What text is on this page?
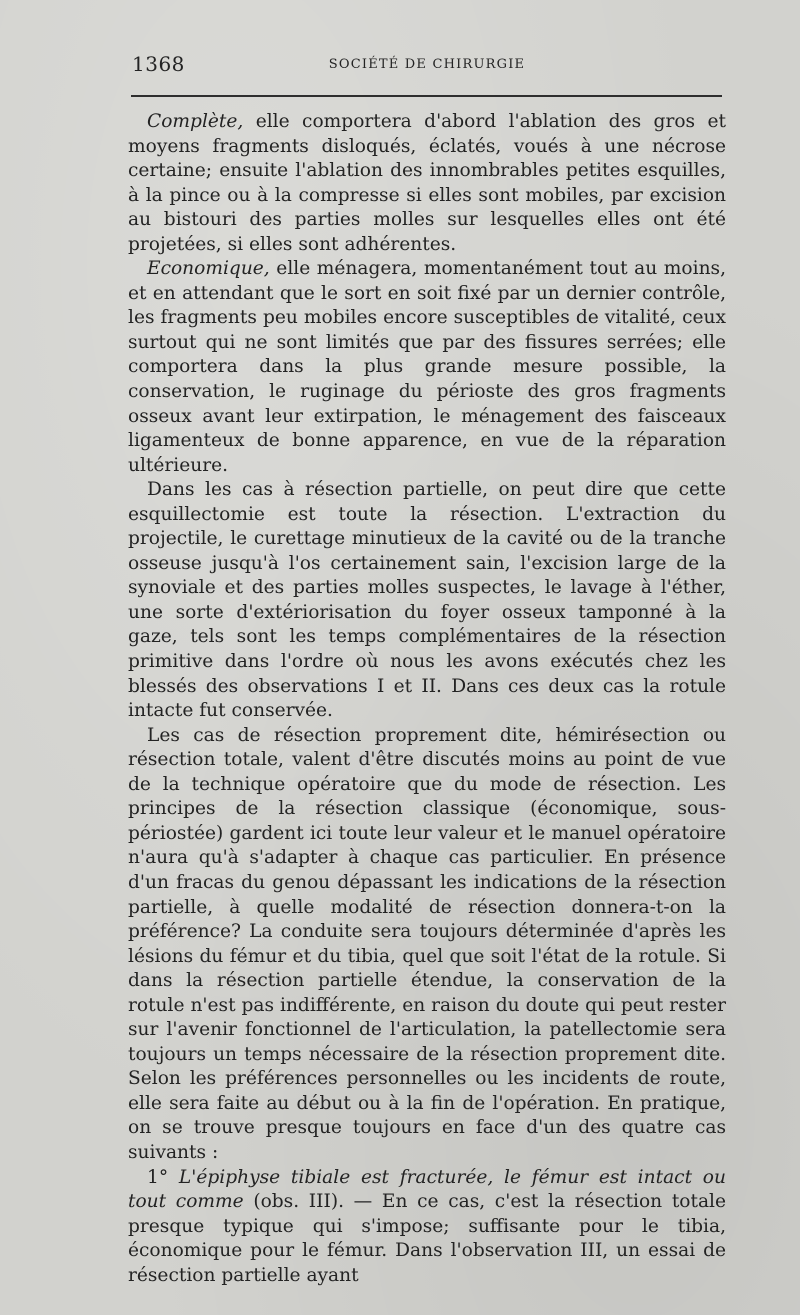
1368	SOCIÉTÉ DE CHIRURGIE

Complète, elle comportera d'abord l'ablation des gros et moyens fragments disloqués, éclatés, voués à une nécrose certaine; ensuite l'ablation des innombrables petites esquilles, à la pince ou à la compresse si elles sont mobiles, par excision au bistouri des parties molles sur lesquelles elles ont été projetées, si elles sont adhérentes.

Economique, elle ménagera, momentanément tout au moins, et en attendant que le sort en soit fixé par un dernier contrôle, les fragments peu mobiles encore susceptibles de vitalité, ceux surtout qui ne sont limités que par des fissures serrées; elle comportera dans la plus grande mesure possible, la conservation, le ruginage du périoste des gros fragments osseux avant leur extirpation, le ménagement des faisceaux ligamenteux de bonne apparence, en vue de la réparation ultérieure.

Dans les cas à résection partielle, on peut dire que cette esquillectomie est toute la résection. L'extraction du projectile, le curettage minutieux de la cavité ou de la tranche osseuse jusqu'à l'os certainement sain, l'excision large de la synoviale et des parties molles suspectes, le lavage à l'éther, une sorte d'extériorisation du foyer osseux tamponné à la gaze, tels sont les temps complémentaires de la résection primitive dans l'ordre où nous les avons exécutés chez les blessés des observations I et II. Dans ces deux cas la rotule intacte fut conservée.

Les cas de résection proprement dite, hémirésection ou résection totale, valent d'être discutés moins au point de vue de la technique opératoire que du mode de résection. Les principes de la résection classique (économique, sous-périostée) gardent ici toute leur valeur et le manuel opératoire n'aura qu'à s'adapter à chaque cas particulier. En présence d'un fracas du genou dépassant les indications de la résection partielle, à quelle modalité de résection donnera-t-on la préférence? La conduite sera toujours déterminée d'après les lésions du fémur et du tibia, quel que soit l'état de la rotule. Si dans la résection partielle étendue, la conservation de la rotule n'est pas indifférente, en raison du doute qui peut rester sur l'avenir fonctionnel de l'articulation, la patellectomie sera toujours un temps nécessaire de la résection proprement dite. Selon les préférences personnelles ou les incidents de route, elle sera faite au début ou à la fin de l'opération. En pratique, on se trouve presque toujours en face d'un des quatre cas suivants :

1° L'épiphyse tibiale est fracturée, le fémur est intact ou tout comme (obs. III). — En ce cas, c'est la résection totale presque typique qui s'impose; suffisante pour le tibia, économique pour le fémur. Dans l'observation III, un essai de résection partielle ayant
